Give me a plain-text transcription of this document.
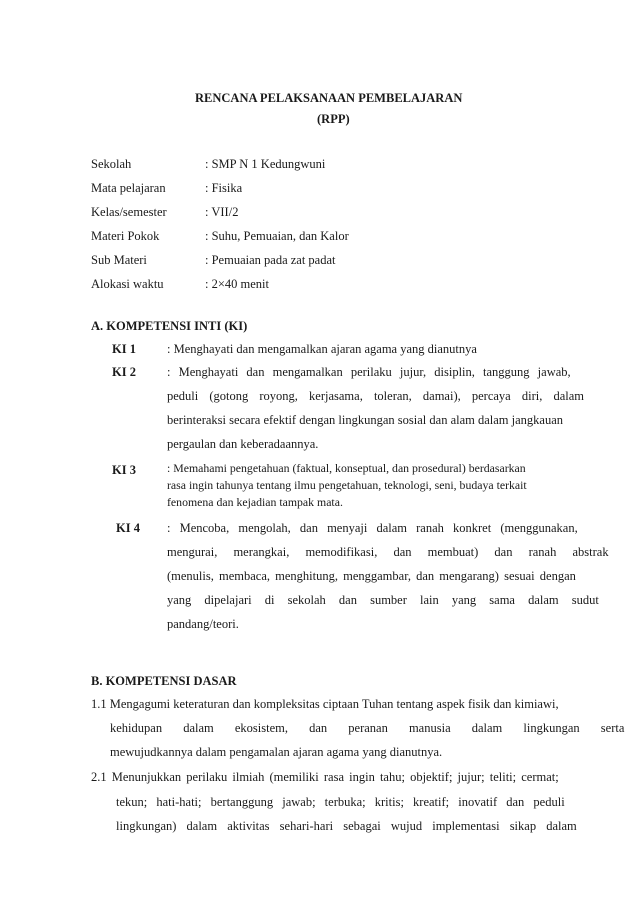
RENCANA PELAKSANAAN PEMBELAJARAN
(RPP)
Sekolah	: SMP N 1 Kedungwuni
Mata pelajaran	: Fisika
Kelas/semester	: VII/2
Materi Pokok	: Suhu, Pemuaian, dan Kalor
Sub Materi	: Pemuaian pada zat padat
Alokasi waktu	: 2×40 menit
A. KOMPETENSI INTI (KI)
KI 1 : Menghayati dan mengamalkan ajaran agama yang dianutnya
KI 2 : Menghayati dan mengamalkan perilaku jujur, disiplin, tanggung jawab,
peduli (gotong royong, kerjasama, toleran, damai), percaya diri, dalam
berinteraksi secara efektif dengan lingkungan sosial dan alam dalam jangkauan
pergaulan dan keberadaannya.
KI 3	: Memahami pengetahuan (faktual, konseptual, dan prosedural) berdasarkan
rasa ingin tahunya tentang ilmu pengetahuan, teknologi, seni, budaya terkait
fenomena dan kejadian tampak mata.
KI 4 : Mencoba, mengolah, dan menyaji dalam ranah konkret (menggunakan,
mengurai, merangkai, memodifikasi, dan membuat) dan ranah abstrak
(menulis, membaca, menghitung, menggambar, dan mengarang) sesuai dengan
yang dipelajari di sekolah dan sumber lain yang sama dalam sudut
pandang/teori.
B. KOMPETENSI DASAR
1.1 Mengagumi keteraturan dan kompleksitas ciptaan Tuhan tentang aspek fisik dan kimiawi,
kehidupan dalam ekosistem, dan peranan manusia dalam lingkungan serta
mewujudkannya dalam pengamalan ajaran agama yang dianutnya.
2.1 Menunjukkan perilaku ilmiah (memiliki rasa ingin tahu; objektif; jujur; teliti; cermat;
tekun; hati-hati; bertanggung jawab; terbuka; kritis; kreatif; inovatif dan peduli
lingkungan) dalam aktivitas sehari-hari sebagai wujud implementasi sikap dalam
